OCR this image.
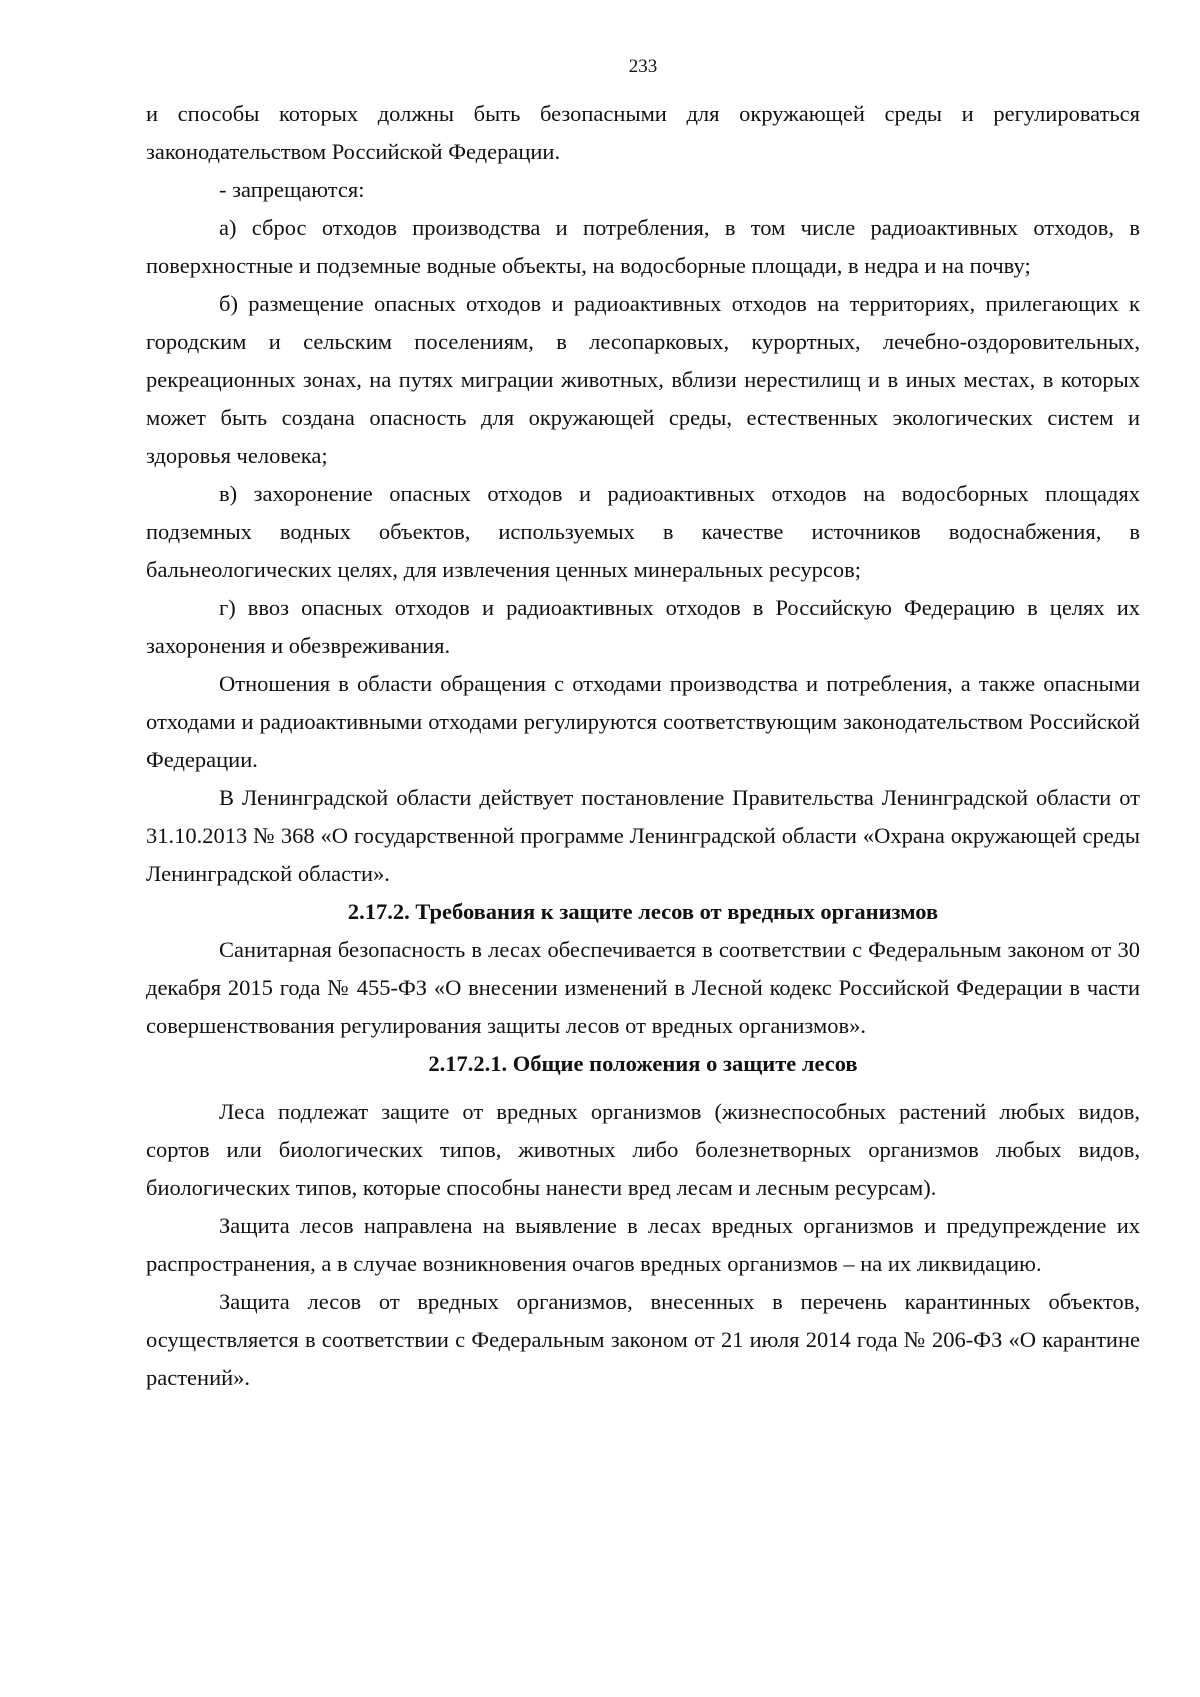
233

и способы которых должны быть безопасными для окружающей среды и регулироваться законодательством Российской Федерации.

- запрещаются:

а) сброс отходов производства и потребления, в том числе радиоактивных отходов, в поверхностные и подземные водные объекты, на водосборные площади, в недра и на почву;

б) размещение опасных отходов и радиоактивных отходов на территориях, прилегающих к городским и сельским поселениям, в лесопарковых, курортных, лечебно-оздоровительных, рекреационных зонах, на путях миграции животных, вблизи нерестилищ и в иных местах, в которых может быть создана опасность для окружающей среды, естественных экологических систем и здоровья человека;

в) захоронение опасных отходов и радиоактивных отходов на водосборных площадях подземных водных объектов, используемых в качестве источников водоснабжения, в бальнеологических целях, для извлечения ценных минеральных ресурсов;

г) ввоз опасных отходов и радиоактивных отходов в Российскую Федерацию в целях их захоронения и обезвреживания.

Отношения в области обращения с отходами производства и потребления, а также опасными отходами и радиоактивными отходами регулируются соответствующим законодательством Российской Федерации.

В Ленинградской области действует постановление Правительства Ленинградской области от 31.10.2013 № 368 «О государственной программе Ленинградской области «Охрана окружающей среды Ленинградской области».

2.17.2. Требования к защите лесов от вредных организмов

Санитарная безопасность в лесах обеспечивается в соответствии с Федеральным законом от 30 декабря 2015 года № 455-ФЗ «О внесении изменений в Лесной кодекс Российской Федерации в части совершенствования регулирования защиты лесов от вредных организмов».

2.17.2.1. Общие положения о защите лесов

Леса подлежат защите от вредных организмов (жизнеспособных растений любых видов, сортов или биологических типов, животных либо болезнетворных организмов любых видов, биологических типов, которые способны нанести вред лесам и лесным ресурсам).

Защита лесов направлена на выявление в лесах вредных организмов и предупреждение их распространения, а в случае возникновения очагов вредных организмов – на их ликвидацию.

Защита лесов от вредных организмов, внесенных в перечень карантинных объектов, осуществляется в соответствии с Федеральным законом от 21 июля 2014 года № 206-ФЗ «О карантине растений».
